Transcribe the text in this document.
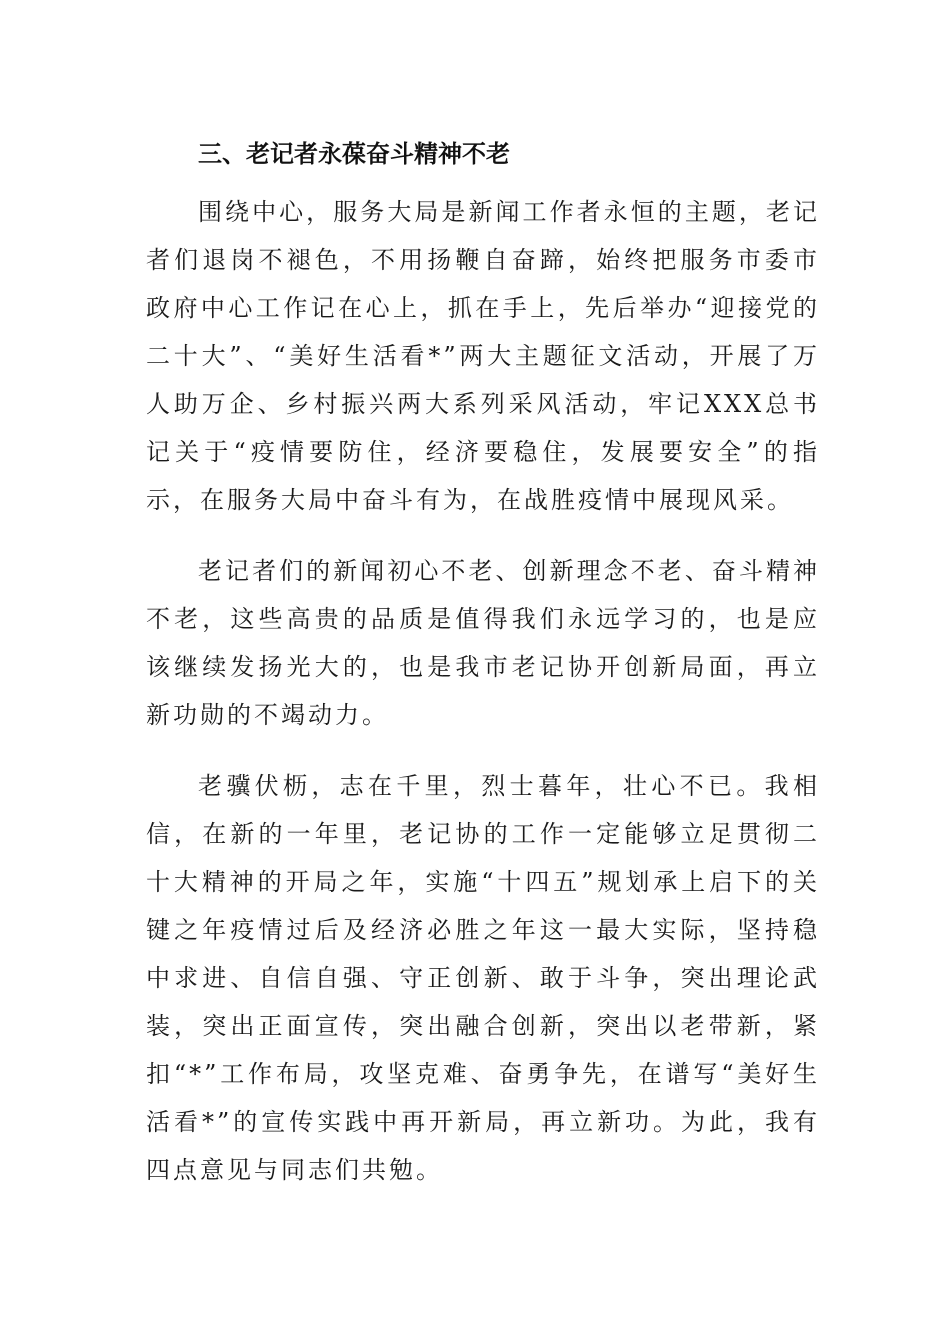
三、老记者永葆奋斗精神不老

围绕中心，服务大局是新闻工作者永恒的主题，老记者们退岗不褪色，不用扬鞭自奋蹄，始终把服务市委市政府中心工作记在心上，抓在手上，先后举办“迎接党的二十大”、“美好生活看*”两大主题征文活动，开展了万人助万企、乡村振兴两大系列采风活动，牢记XXX总书记关于“疫情要防住，经济要稳住，发展要安全”的指示，在服务大局中奋斗有为，在战胜疫情中展现风采。

老记者们的新闻初心不老、创新理念不老、奋斗精神不老，这些高贵的品质是值得我们永远学习的，也是应该继续发扬光大的，也是我市老记协开创新局面，再立新功勋的不竭动力。

老骥伏枥，志在千里，烈士暮年，壮心不已。我相信，在新的一年里，老记协的工作一定能够立足贯彻二十大精神的开局之年，实施“十四五”规划承上启下的关键之年疫情过后及经济必胜之年这一最大实际，坚持稳中求进、自信自强、守正创新、敢于斗争，突出理论武装，突出正面宣传，突出融合创新，突出以老带新，紧扣“*”工作布局，攻坚克难、奋勇争先，在谱写“美好生活看*”的宣传实践中再开新局，再立新功。为此，我有四点意见与同志们共勉。
